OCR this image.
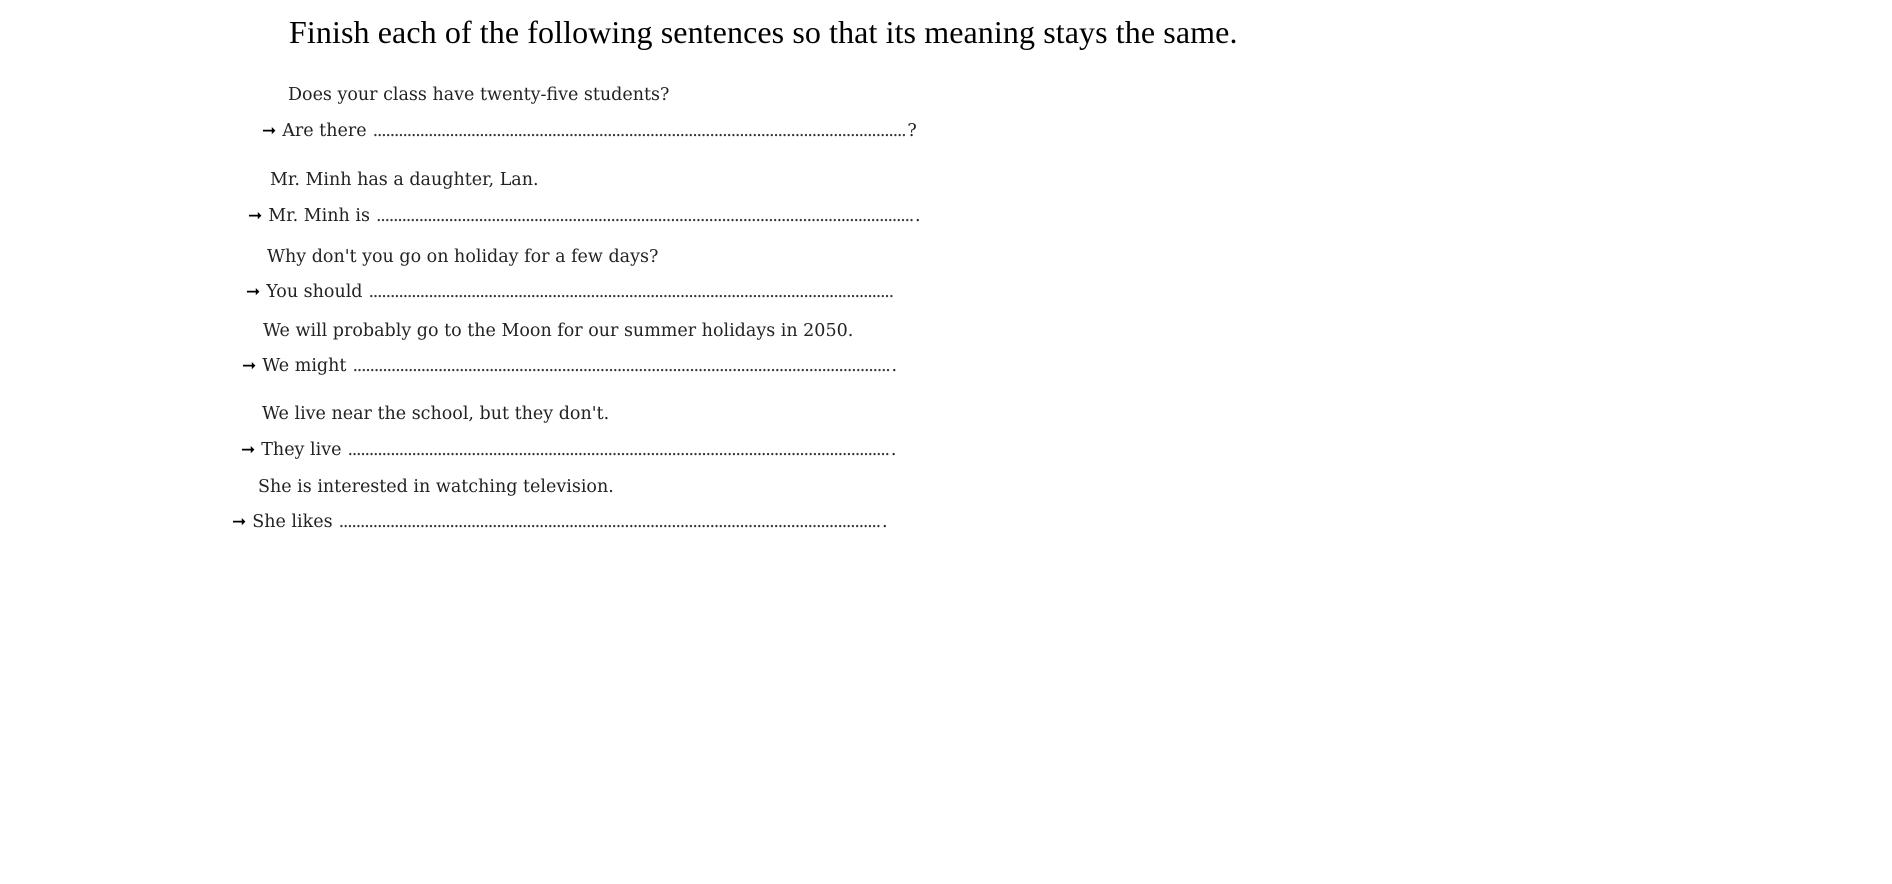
Finish each of the following sentences so that its meaning stays the same.
Does your class have twenty-five students?
➞ Are there ............................................................................................................................. ?
Mr. Minh has a daughter, Lan.
➞ Mr. Minh is .............................................................................................................................. .
Why don't you go on holiday for a few days?
➞ You should ...........................................................................................................................
We will probably go to the Moon for our summer holidays in 2050.
➞ We might .............................................................................................................................. .
We live near the school, but they don't.
➞ They live ............................................................................................................................... .
She is interested in watching television.
➞ She likes ............................................................................................................................... .
